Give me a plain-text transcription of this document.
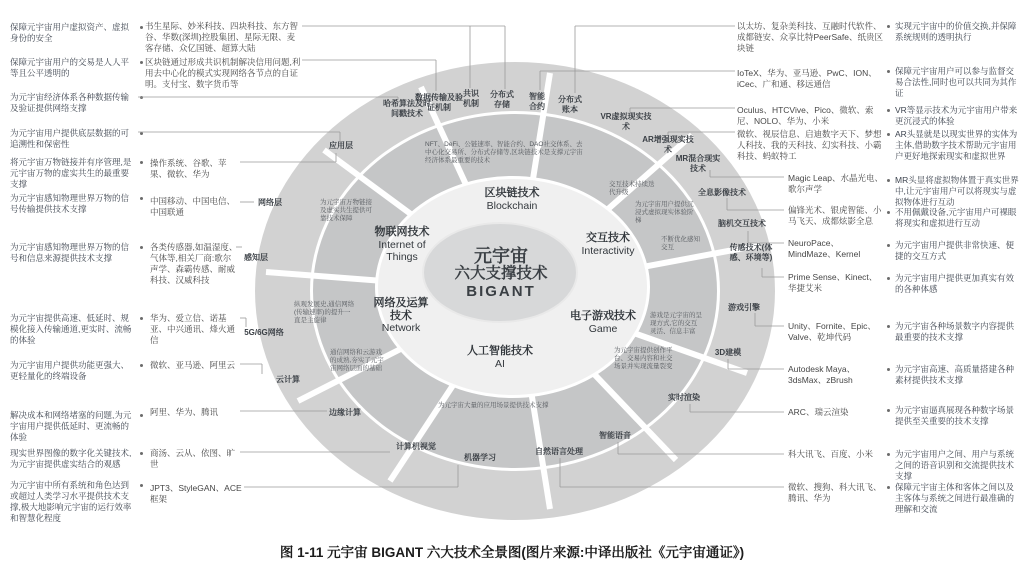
元宇宙
六大支撑技术
BIGANT
区块链技术
Blockchain
交互技术
Interactivity
电子游戏技术
Game
人工智能技术
AI
网络及运算技术
Network
物联网技术
Internet of Things
哈希算法及时间戳技术
数据传输及验证机制
共识机制
分布式存储
智能合约
分布式账本
VR虚拟现实技术
AR增强现实技术
MR混合现实技术
全息影像技术
脑机交互技术
传感技术(体感、环境等)
游戏引擎
3D建模
实时渲染
智能语音
自然语言处理
机器学习
计算机视觉
边缘计算
云计算
5G/6G网络
感知层
网络层
应用层	NFT、DeFi、公链速率、智能合约、DAO社交体系、去中心化交易所、分布式存储等,区块链技术是支撑元宇宙经济体系最重要的技术
为元宇宙万物链接及虚实共生提供可靠技术保障
交互技术持续迭代升级
为元宇宙用户提供沉浸式虚拟现实体验阶梯
不断优化感知交互
游戏是元宇宙的呈现方式,它的交互灵活、信息丰富
为元宇宙提供创作平台、交易内容和社交场景并实现流量裂变
为元宇宙大量的应用场景提供技术支撑
纵观发展史,通信网络(传输速率)的提升一直是主旋律
通信网络和云游戏的成熟,夯实了元宇宙网络层面的基础
保障元宇宙用户虚拟资产、虚拟身份的安全
保障元宇宙用户的交易是人人平等且公平透明的
为元宇宙经济体系各种数据传输及验证提供网络支撑
为元宇宙用户提供底层数据的可追溯性和保密性
将元宇宙万物链接并有序管理,是元宇宙万物的虚实共生的最重要支撑
为元宇宙感知物理世界万物的信号传输提供技术支撑
为元宇宙感知物理世界万物的信号和信息来源提供技术支撑
为元宇宙提供高速、低延时、规模化接入传输通道,更实时、流畅的体验
为元宇宙用户提供功能更强大、更轻量化的终端设备
解决成本和网络堵塞的问题,为元宇宙用户提供低延时、更流畅的体验
现实世界图像的数字化关键技术,为元宇宙提供虚实结合的观感
为元宇宙中所有系统和角色达到或超过人类学习水平提供技术支撑,极大地影响元宇宙的运行效率和智慧化程度
书生星际、妙米科技、四块科技、东方智谷、华数(深圳)控股集团、星际无限、麦客存储、众亿国链、超算大陆
区块链通过形成共识机制解决信用问题,利用去中心化的模式实现网络各节点的自证明。支付宝、数字货币等
操作系统、谷歌、苹果、微软、华为
中国移动、中国电信、中国联通
各类传感器,如温湿度、气体等,相关厂商:歌尔声学、森霸传感、耐威科技、汉威科技
华为、爱立信、诺基亚、中兴通讯、烽火通信
微软、亚马逊、阿里云
阿里、华为、腾讯
商汤、云从、依图、旷世
JPT3、StyleGAN、ACE框架
以太坊、复杂美科技、互融时代软件、成都链安、众享比特PeerSafe、纸贵区块链
IoTeX、华为、亚马逊、PwC、ION、iCec、广和通、移远通信
Oculus、HTCVive、Pico、微软、索尼、NOLO、华为、小米
微软、视辰信息、启迪数字天下、梦想人科技、我的天科技、幻实科技、小霸科技、蚂蚁特工
Magic Leap、水晶光电、歌尔声学
偏锋光术、银虎智能、小马飞天、成都炫影全息
NeuroPace、MindMaze、Kernel
Prime Sense、Kinect、华捷艾米
Unity、Fornite、Epic、Valve、乾坤代码
Autodesk Maya、3dsMax、zBrush
ARC、瑞云渲染
科大讯飞、百度、小米
微软、搜狗、科大讯飞、腾讯、华为
实现元宇宙中的价值交换,并保障系统规则的透明执行
保障元宇宙用户可以参与监督交易合法性,同时也可以共同为其作证
VR等显示技术为元宇宙用户带来更沉浸式的体验
AR头显就是以现实世界的实体为主体,借助数字技术帮助元宇宙用户更好地探索现实和虚拟世界
MR头显将虚拟物体置于真实世界中,让元宇宙用户可以将现实与虚拟物体进行互动
不用佩戴设备,元宇宙用户可裸眼将现实和虚拟进行互动
为元宇宙用户提供非常快速、便捷的交互方式
为元宇宙用户提供更加真实有效的各种体感
为元宇宙各种场景数字内容提供最重要的技术支撑
为元宇宙高速、高质量搭建各种素材提供技术支撑
为元宇宙逼真展现各种数字场景提供至关重要的技术支撑
为元宇宙用户之间、用户与系统之间的语音识别和交流提供技术支撑
保障元宇宙主体和客体之间以及主客体与系统之间进行最准确的理解和交流
图 1-11 元宇宙 BIGANT 六大技术全景图(图片来源:中译出版社《元宇宙通证》)
